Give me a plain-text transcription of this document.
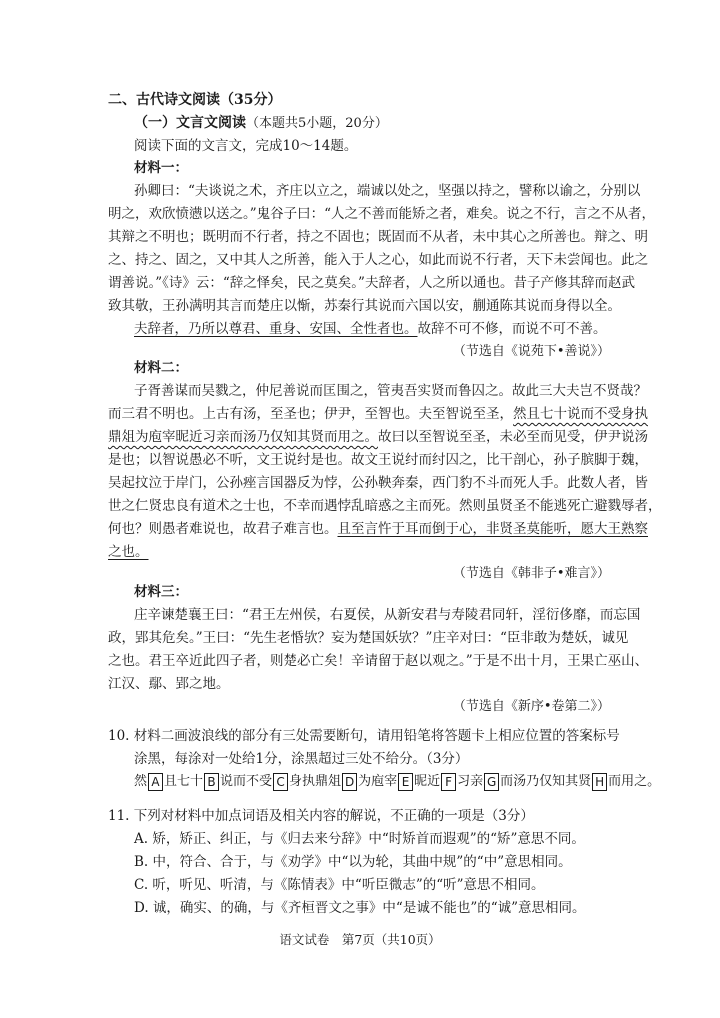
二、古代诗文阅读（35分）
（一）文言文阅读（本题共5小题，20分）
阅读下面的文言文，完成10～14题。
材料一：
孙卿曰：“夫谈说之术，齐庄以立之，端诚以处之，坚强以持之，譬称以谕之，分别以
明之，欢欣愤懑以送之。”鬼谷子曰：“人之不善而能矫之者，难矣。说之不行，言之不从者，
其辩之不明也；既明而不行者，持之不固也；既固而不从者，未中其心之所善也。辩之、明
之、持之、固之，又中其人之所善，能入于人之心，如此而说不行者，天下未尝闻也。此之
谓善说。”《诗》云：“辞之怿矣，民之莫矣。”夫辞者，人之所以通也。昔子产修其辞而赵武
致其敬，王孙满明其言而楚庄以惭，苏秦行其说而六国以安，蒯通陈其说而身得以全。
夫辞者，乃所以尊君、重身、安国、全性者也。故辞不可不修，而说不可不善。
（节选自《说苑下•善说》）
材料二：
子胥善谋而吴戮之，仲尼善说而匡围之，管夷吾实贤而鲁囚之。故此三大夫岂不贤哉？
而三君不明也。上古有汤，至圣也；伊尹，至智也。夫至智说至圣，然且七十说而不受身执
鼎俎为庖宰昵近习亲而汤乃仅知其贤而用之。故曰以至智说至圣，未必至而见受，伊尹说汤
是也；以智说愚必不听，文王说纣是也。故文王说纣而纣囚之，比干剖心，孙子膑脚于魏，
吴起抆泣于岸门，公孙痤言国器反为悖，公孙鞅奔秦，西门豹不斗而死人手。此数人者，皆
世之仁贤忠良有道术之士也，不幸而遇悖乱暗惑之主而死。然则虽贤圣不能逃死亡避戮辱者，
何也？则愚者难说也，故君子难言也。且至言忤于耳而倒于心，非贤圣莫能听，愿大王熟察
之也。
（节选自《韩非子•难言》）
材料三：
庄辛谏楚襄王曰：“君王左州侯，右夏侯，从新安君与寿陵君同轩，淫衍侈靡，而忘国
政，郢其危矣。”王曰：“先生老惛欤？妄为楚国妖欤？”庄辛对曰：“臣非敢为楚妖，诚见
之也。君王卒近此四子者，则楚必亡矣！辛请留于赵以观之。”于是不出十月，王果亡巫山、
江汉、鄢、郢之地。
（节选自《新序•卷第二》）
10. 材料二画波浪线的部分有三处需要断句，请用铅笔将答题卡上相应位置的答案标号
涂黑，每涂对一处给1分，涂黑超过三处不给分。（3分）
然 A 且七十 B 说而不受 C 身执鼎俎 D 为庖宰 E 昵近 F 习亲 G 而汤乃仅知其贤 H 而用之。
11. 下列对材料中加点词语及相关内容的解说，不正确的一项是（3分）
A. 矫，矫正、纠正，与《归去来兮辞》中“时矫首而遐观”的“矫”意思不同。
B. 中，符合、合于，与《劝学》中“以为轮，其曲中规”的“中”意思相同。
C. 听，听见、听清，与《陈情表》中“听臣微志”的“听”意思不相同。
D. 诚，确实、的确，与《齐桓晋文之事》中“是诚不能也”的“诚”意思相同。
语文试卷　第7页（共10页）
